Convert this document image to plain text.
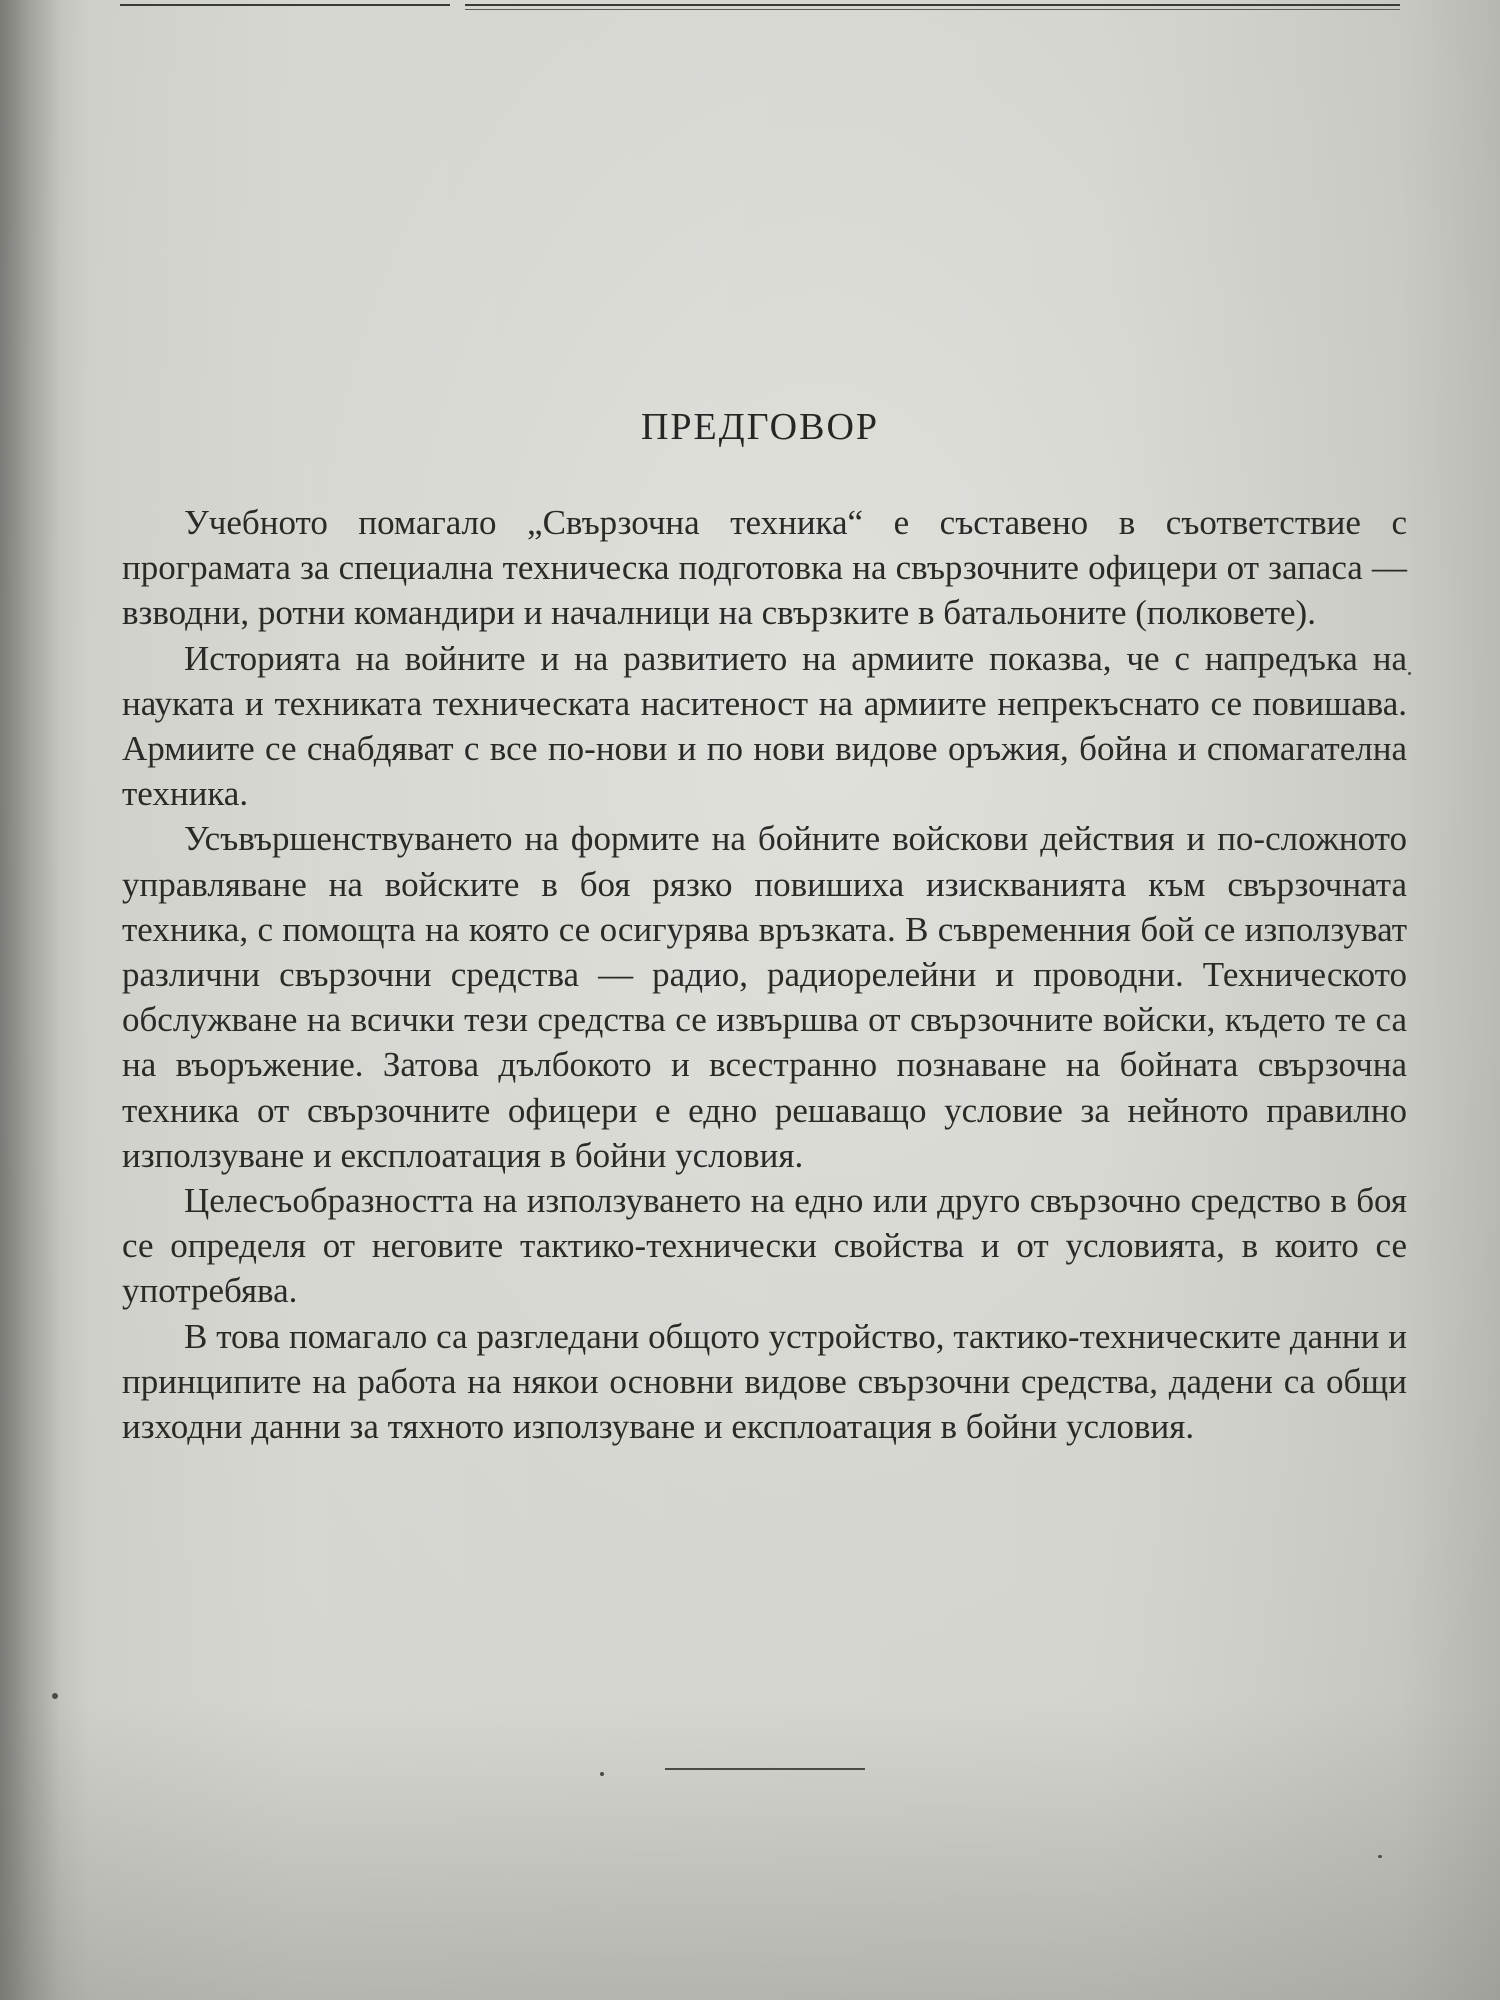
ПРЕДГОВОР

Учебното помагало „Свързочна техника“ е съставено в съответствие с програмата за специална техническа подготовка на свързочните офицери от запаса — взводни, ротни командири и началници на свързките в батальоните (полковете).

Историята на войните и на развитието на армиите показва, че с напредъка на науката и техниката техническата наситеност на армиите непрекъснато се повишава. Армиите се снабдяват с все по-нови и по нови видове оръжия, бойна и спомагателна техника.

Усъвършенствуването на формите на бойните войскови действия и по-сложното управляване на войските в боя рязко повишиха изискванията към свързочната техника, с помощта на която се осигурява връзката. В съвременния бой се използуват различни свързочни средства — радио, радиорелейни и проводни. Техническото обслужване на всички тези средства се извършва от свързочните войски, където те са на въоръжение. Затова дълбокото и всестранно познаване на бойната свързочна техника от свързочните офицери е едно решаващо условие за нейното правилно използуване и експлоатация в бойни условия.

Целесъобразността на използуването на едно или друго свързочно средство в боя се определя от неговите тактико-технически свойства и от условията, в които се употребява.

В това помагало са разгледани общото устройство, тактико-техническите данни и принципите на работа на някои основни видове свързочни средства, дадени са общи изходни данни за тяхното използуване и експлоатация в бойни условия.
